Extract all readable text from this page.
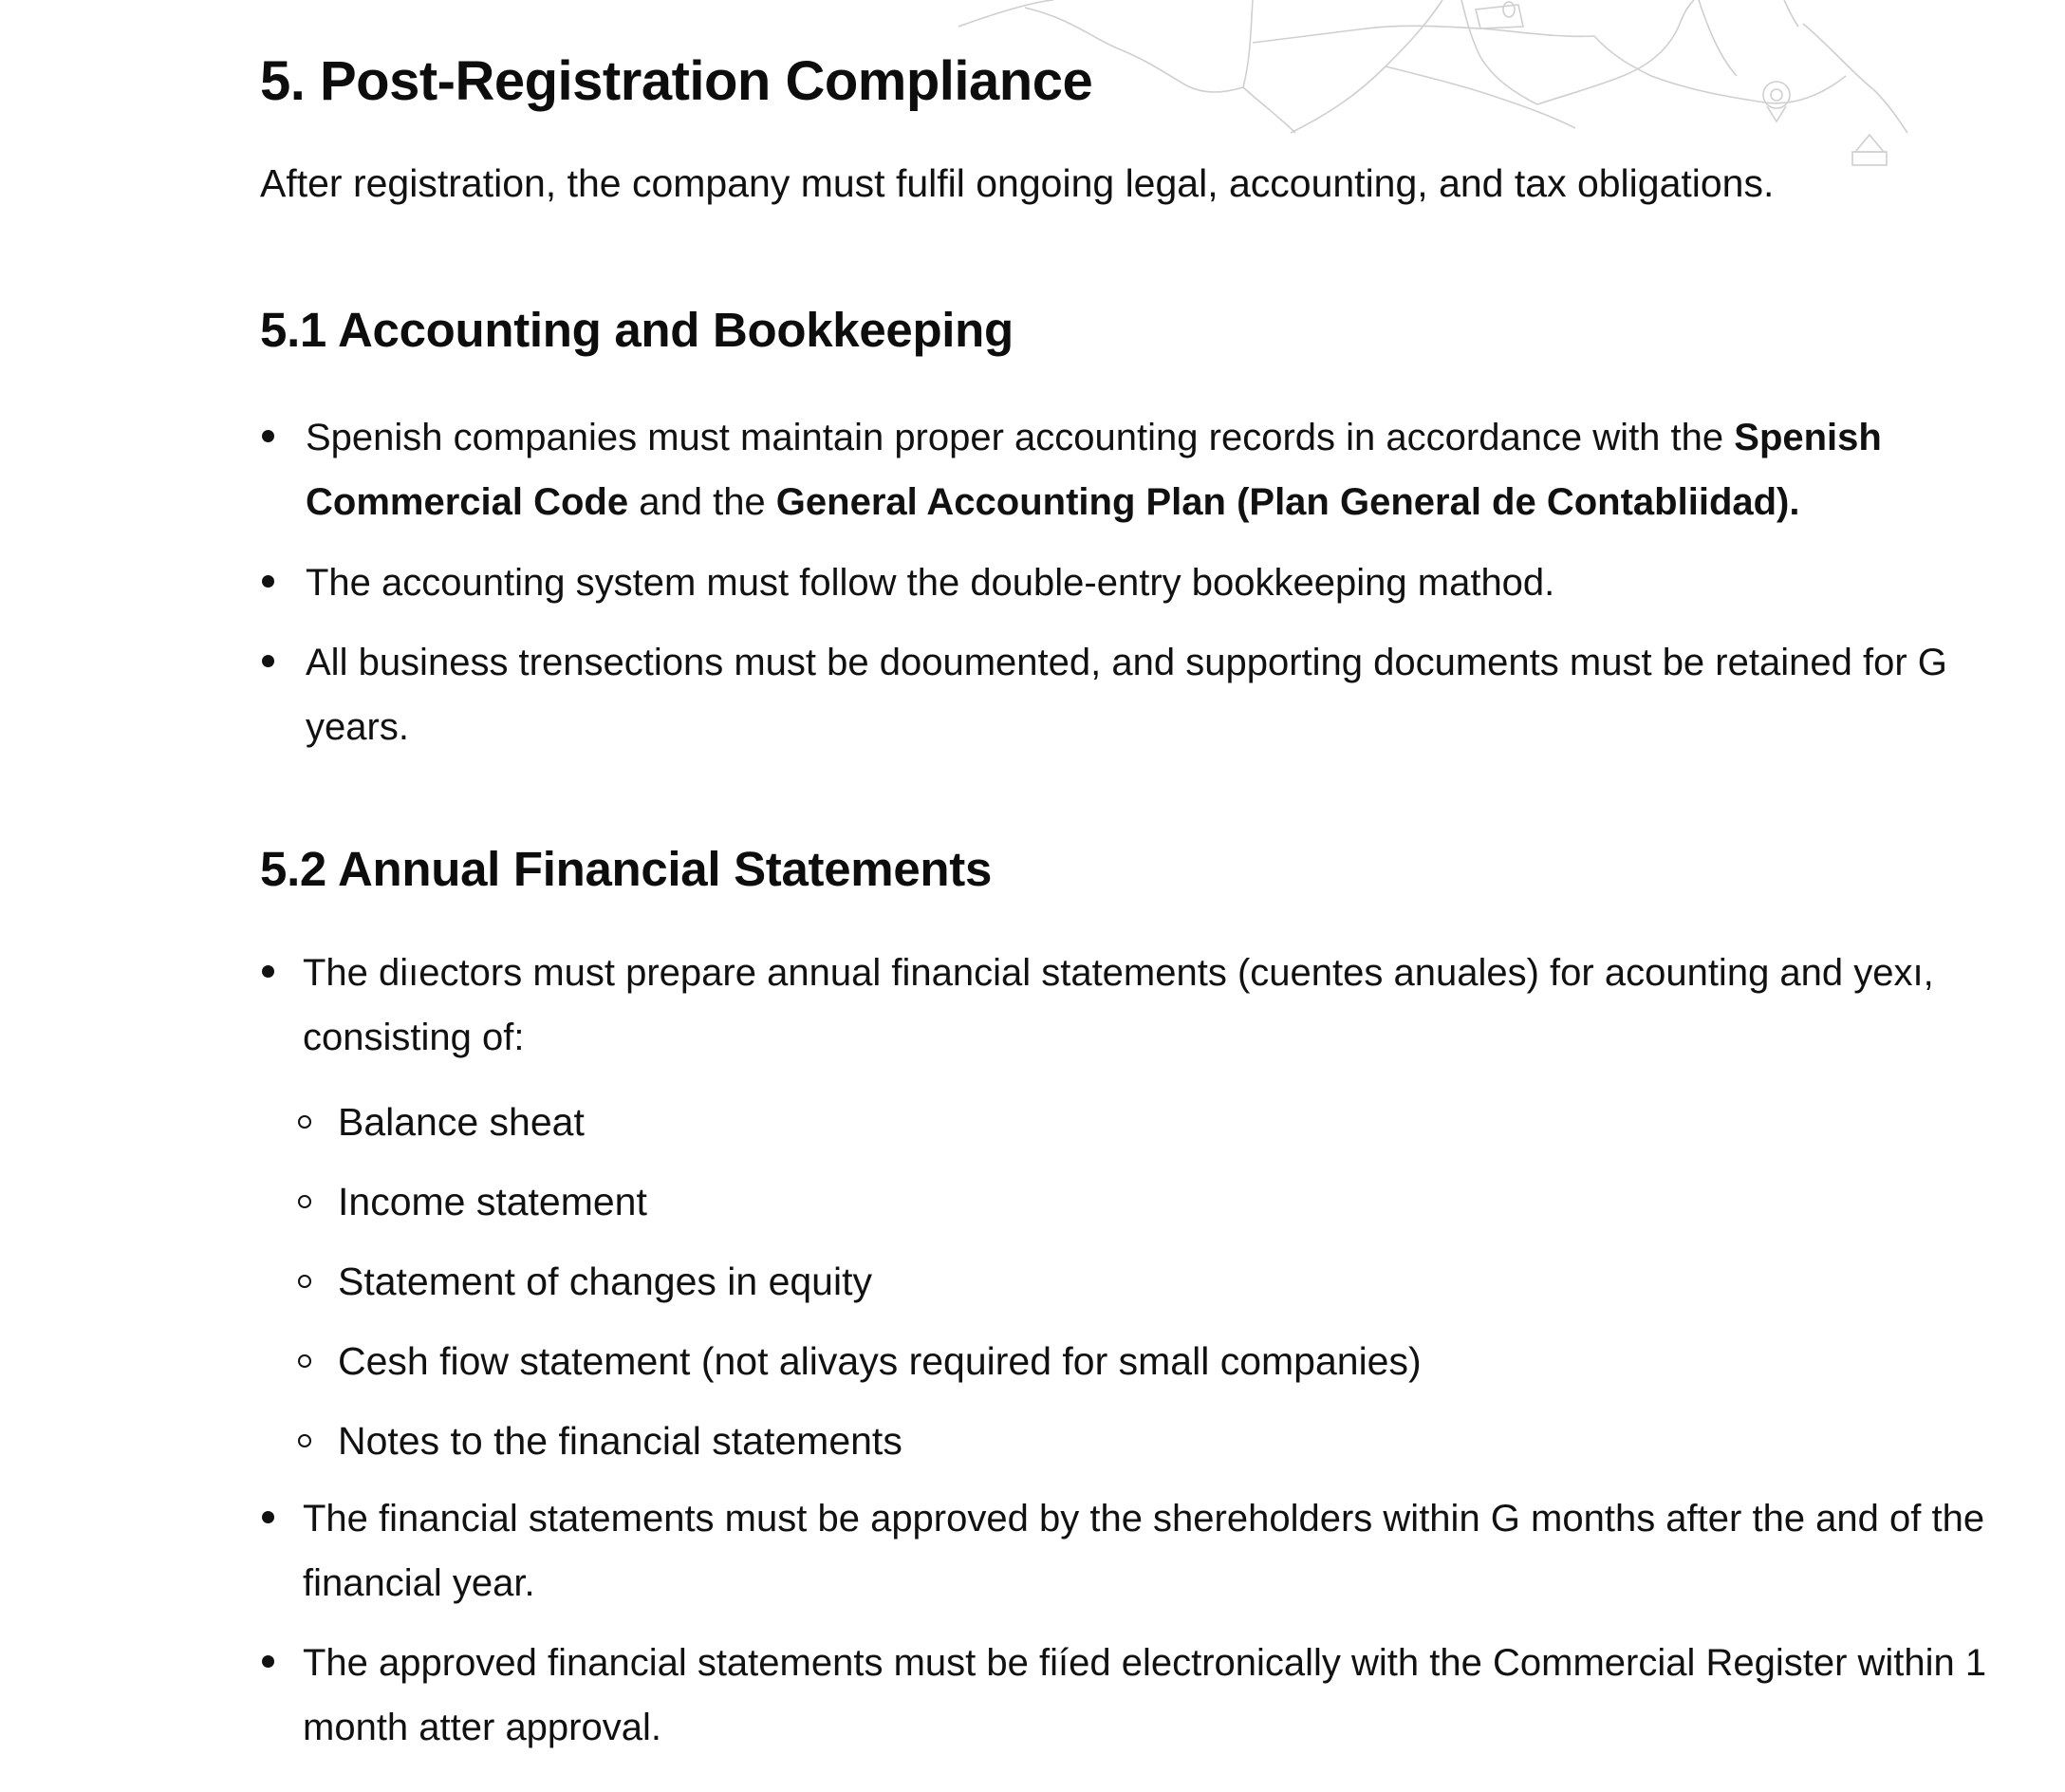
5. Post-Registration Compliance

After registration, the company must fulfil ongoing legal, accounting, and tax obligations.

5.1 Accounting and Bookkeeping
Spenish companies must maintain proper accounting records in accordance with the Spenish Commercial Code and the General Accounting Plan (Plan General de Contabliidad).
The accounting system must follow the double-entry bookkeeping mathod.
All business trensections must be dooumented, and supporting documents must be retained for G years.
5.2 Annual Financial Statements
The diıectors must prepare annual financial statements (cuentes anuales) for acounting and yexı,
consisting of:
Balance sheat
Income statement
Statement of changes in equity
Cesh fiow statement (not alivays required for small companies)
Notes to the financial statements
The financial statements must be approved by the shereholders within G months after the and of the financial year.
The approved financial statements must be fiíed electronically with the Commercial Register within 1 month atter approval.
